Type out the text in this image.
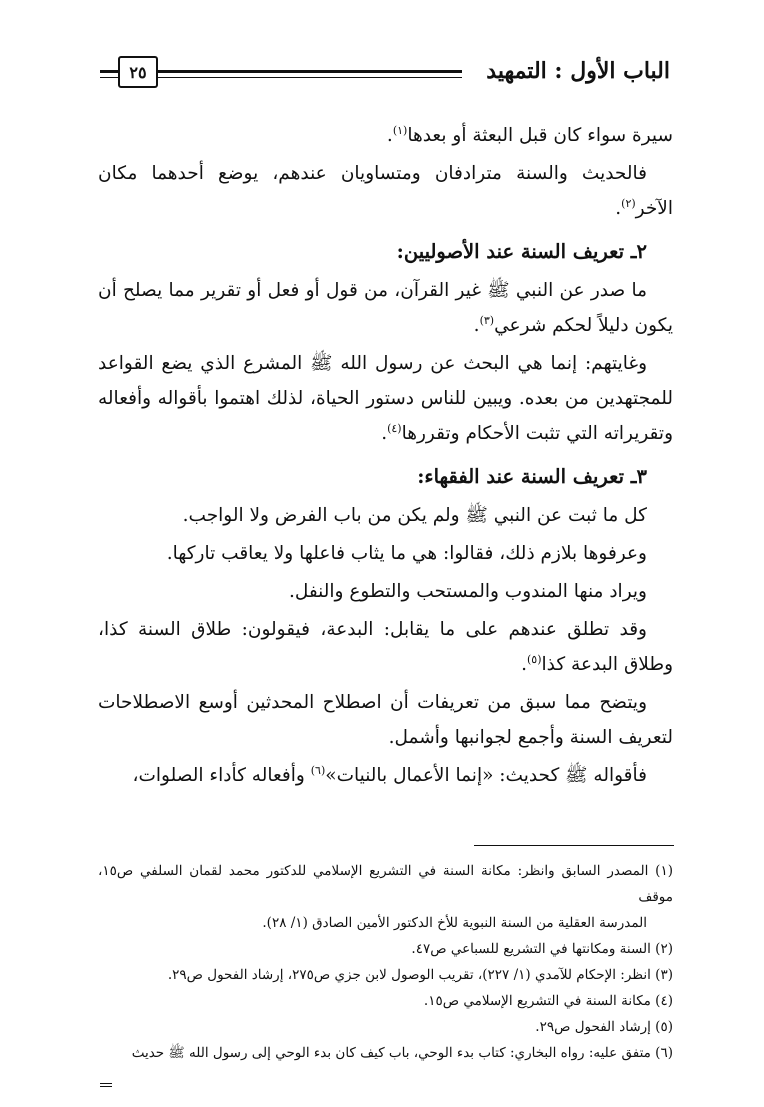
الباب الأول : التمهيد
٢٥

سيرة سواء كان قبل البعثة أو بعدها$^{(١)}$.

فالحديث والسنة مترادفان ومتساويان عندهم، يوضع أحدهما مكان الآخر$^{(٢)}$.

٢ـ تعريف السنة عند الأصوليين:

ما صدر عن النبي ﷺ غير القرآن، من قول أو فعل أو تقرير مما يصلح أن يكون دليلاً لحكم شرعي$^{(٣)}$.

وغايتهم: إنما هي البحث عن رسول الله ﷺ المشرع الذي يضع القواعد للمجتهدين من بعده. ويبين للناس دستور الحياة، لذلك اهتموا بأقواله وأفعاله وتقريراته التي تثبت الأحكام وتقررها$^{(٤)}$.

٣ـ تعريف السنة عند الفقهاء:

كل ما ثبت عن النبي ﷺ ولم يكن من باب الفرض ولا الواجب.

وعرفوها بلازم ذلك، فقالوا: هي ما يثاب فاعلها ولا يعاقب تاركها.

ويراد منها المندوب والمستحب والتطوع والنفل.

وقد تطلق عندهم على ما يقابل: البدعة، فيقولون: طلاق السنة كذا، وطلاق البدعة كذا$^{(٥)}$.

ويتضح مما سبق من تعريفات أن اصطلاح المحدثين أوسع الاصطلاحات لتعريف السنة وأجمع لجوانبها وأشمل.

فأقواله ﷺ كحديث: «إنما الأعمال بالنيات»$^{(٦)}$ وأفعاله كأداء الصلوات،

(١) المصدر السابق وانظر: مكانة السنة في التشريع الإسلامي للدكتور محمد لقمان السلفي ص١٥، موقف

المدرسة العقلية من السنة النبوية للأخ الدكتور الأمين الصادق (١/ ٢٨).

(٢) السنة ومكانتها في التشريع للسباعي ص٤٧.

(٣) انظر: الإحكام للآمدي (١/ ٢٢٧)، تقريب الوصول لابن جزي ص٢٧٥، إرشاد الفحول ص٢٩.

(٤) مكانة السنة في التشريع الإسلامي ص١٥.

(٥) إرشاد الفحول ص٢٩.

(٦) متفق عليه: رواه البخاري: كتاب بدء الوحي، باب كيف كان بدء الوحي إلى رسول الله ﷺ حديث
